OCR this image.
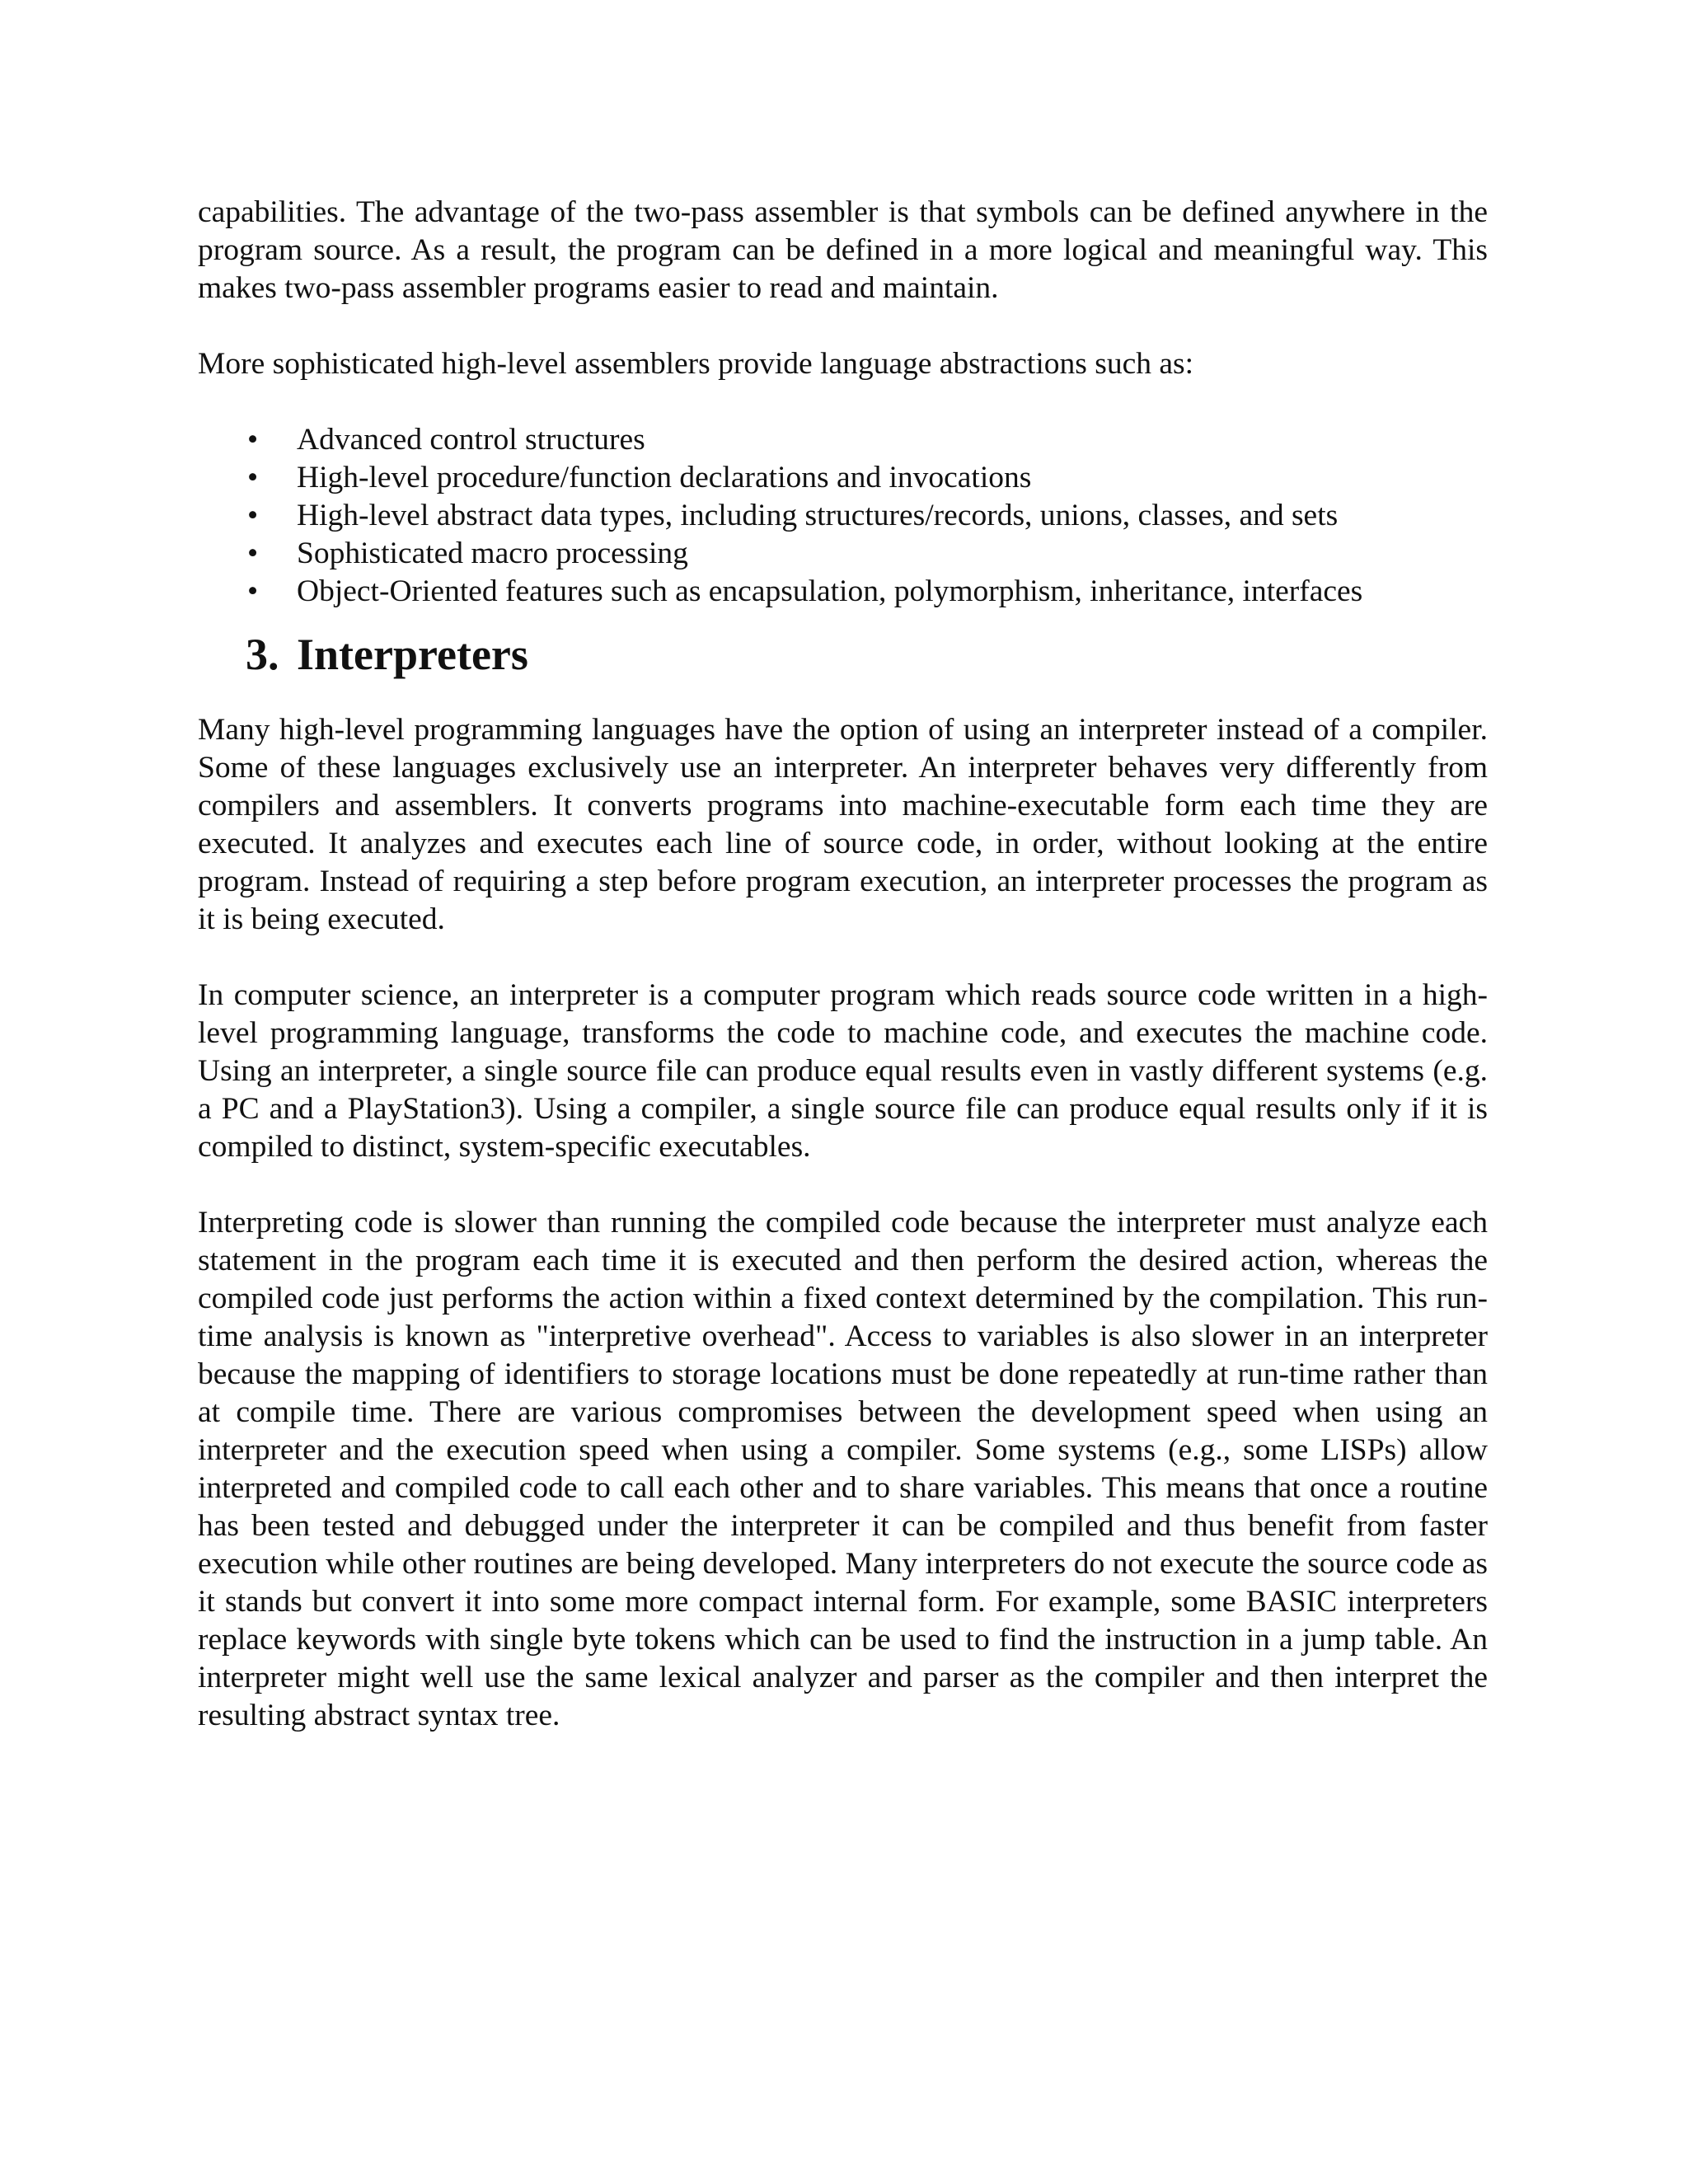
capabilities. The advantage of the two-pass assembler is that symbols can be defined anywhere in the program source. As a result, the program can be defined in a more logical and meaningful way. This makes two-pass assembler programs easier to read and maintain.

More sophisticated high-level assemblers provide language abstractions such as:

• Advanced control structures
• High-level procedure/function declarations and invocations
• High-level abstract data types, including structures/records, unions, classes, and sets
• Sophisticated macro processing
• Object-Oriented features such as encapsulation, polymorphism, inheritance, interfaces
3. Interpreters

Many high-level programming languages have the option of using an interpreter instead of a compiler. Some of these languages exclusively use an interpreter. An interpreter behaves very differently from compilers and assemblers. It converts programs into machine-executable form each time they are executed. It analyzes and executes each line of source code, in order, without looking at the entire program. Instead of requiring a step before program execution, an interpreter processes the program as it is being executed.

In computer science, an interpreter is a computer program which reads source code written in a high-level programming language, transforms the code to machine code, and executes the machine code. Using an interpreter, a single source file can produce equal results even in vastly different systems (e.g. a PC and a PlayStation3). Using a compiler, a single source file can produce equal results only if it is compiled to distinct, system-specific executables.

Interpreting code is slower than running the compiled code because the interpreter must analyze each statement in the program each time it is executed and then perform the desired action, whereas the compiled code just performs the action within a fixed context determined by the compilation. This run-time analysis is known as "interpretive overhead". Access to variables is also slower in an interpreter because the mapping of identifiers to storage locations must be done repeatedly at run-time rather than at compile time. There are various compromises between the development speed when using an interpreter and the execution speed when using a compiler. Some systems (e.g., some LISPs) allow interpreted and compiled code to call each other and to share variables. This means that once a routine has been tested and debugged under the interpreter it can be compiled and thus benefit from faster execution while other routines are being developed. Many interpreters do not execute the source code as it stands but convert it into some more compact internal form. For example, some BASIC interpreters replace keywords with single byte tokens which can be used to find the instruction in a jump table. An interpreter might well use the same lexical analyzer and parser as the compiler and then interpret the resulting abstract syntax tree.
